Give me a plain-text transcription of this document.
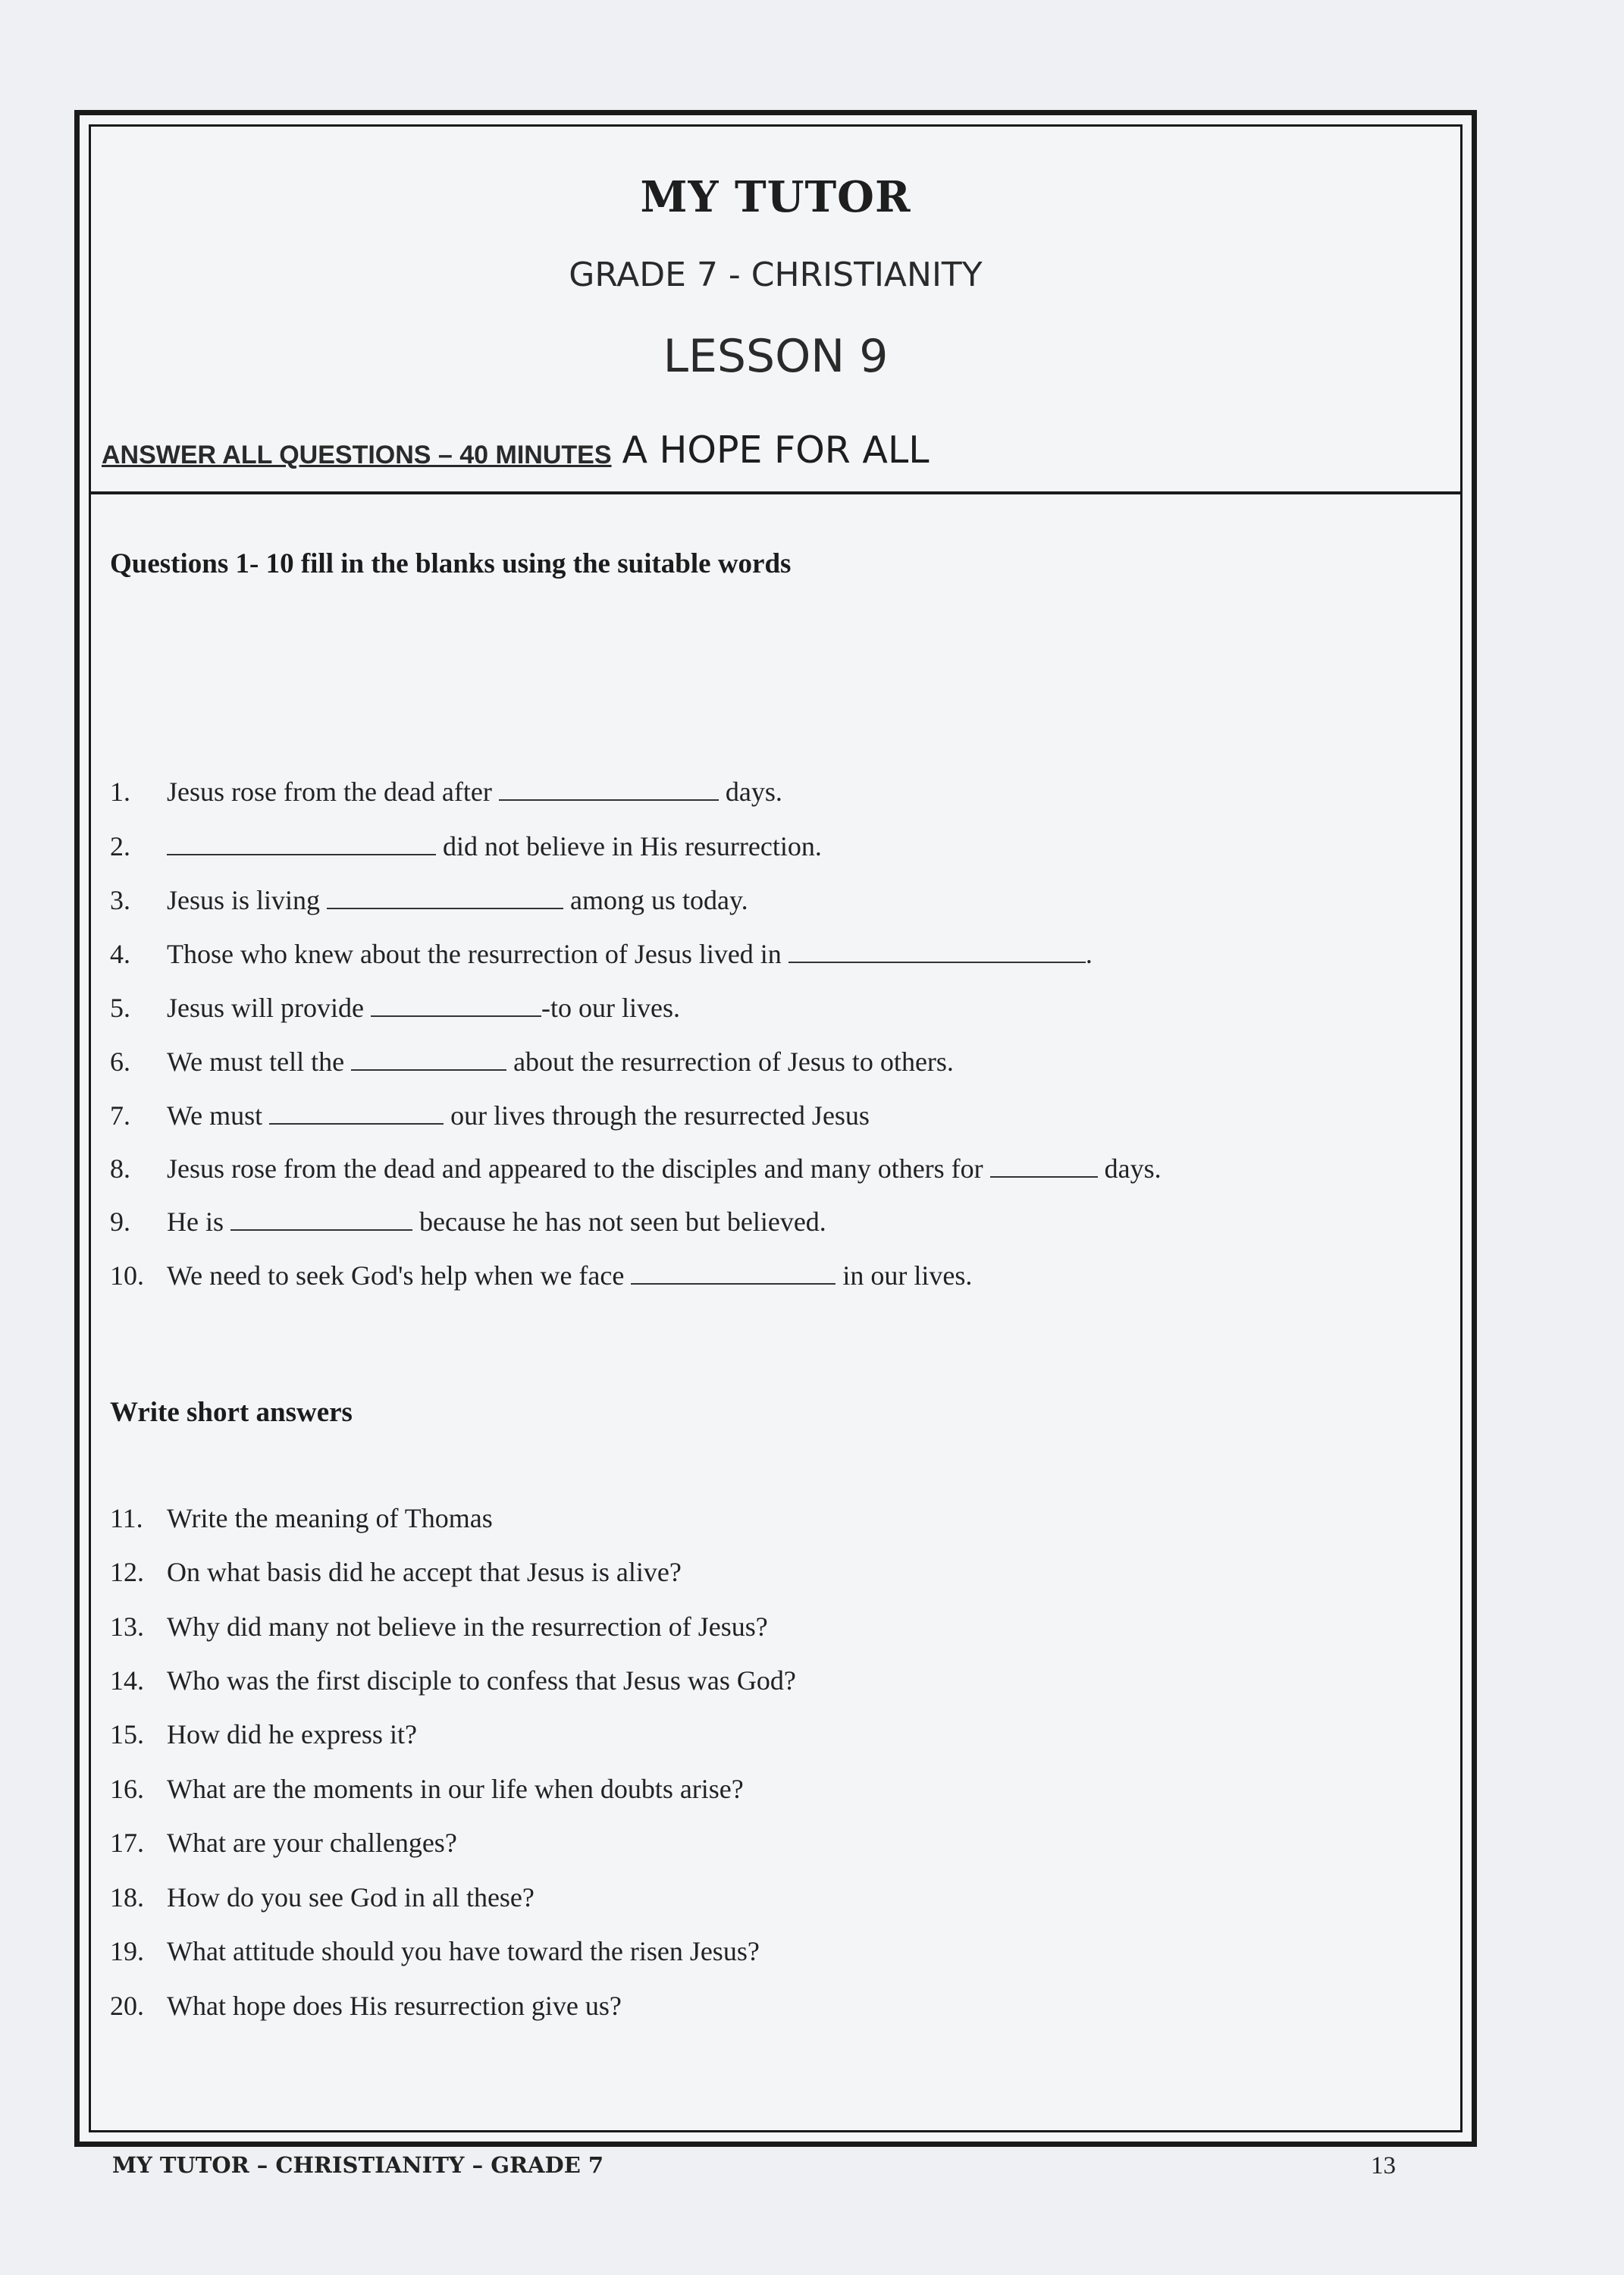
MY TUTOR
GRADE 7 - CHRISTIANITY
LESSON 9
A HOPE FOR ALL
ANSWER ALL QUESTIONS – 40 MINUTES
Questions 1- 10 fill in the blanks using the suitable words
1. Jesus rose from the dead after	days.
2.	did not believe in His resurrection.
3. Jesus is living	among us today.
4. Those who knew about the resurrection of Jesus lived in	.
5. Jesus will provide	-to our lives.
6. We must tell the	about the resurrection of Jesus to others.
7. We must	our lives through the resurrected Jesus
8. Jesus rose from the dead and appeared to the disciples and many others for	days.
9. He is	because he has not seen but believed.
10. We need to seek God's help when we face	in our lives.
Write short answers
11. Write the meaning of Thomas
12. On what basis did he accept that Jesus is alive?
13. Why did many not believe in the resurrection of Jesus?
14. Who was the first disciple to confess that Jesus was God?
15. How did he express it?
16. What are the moments in our life when doubts arise?
17. What are your challenges?
18. How do you see God in all these?
19. What attitude should you have toward the risen Jesus?
20. What hope does His resurrection give us?
MY TUTOR – CHRISTIANITY – GRADE 7	13
